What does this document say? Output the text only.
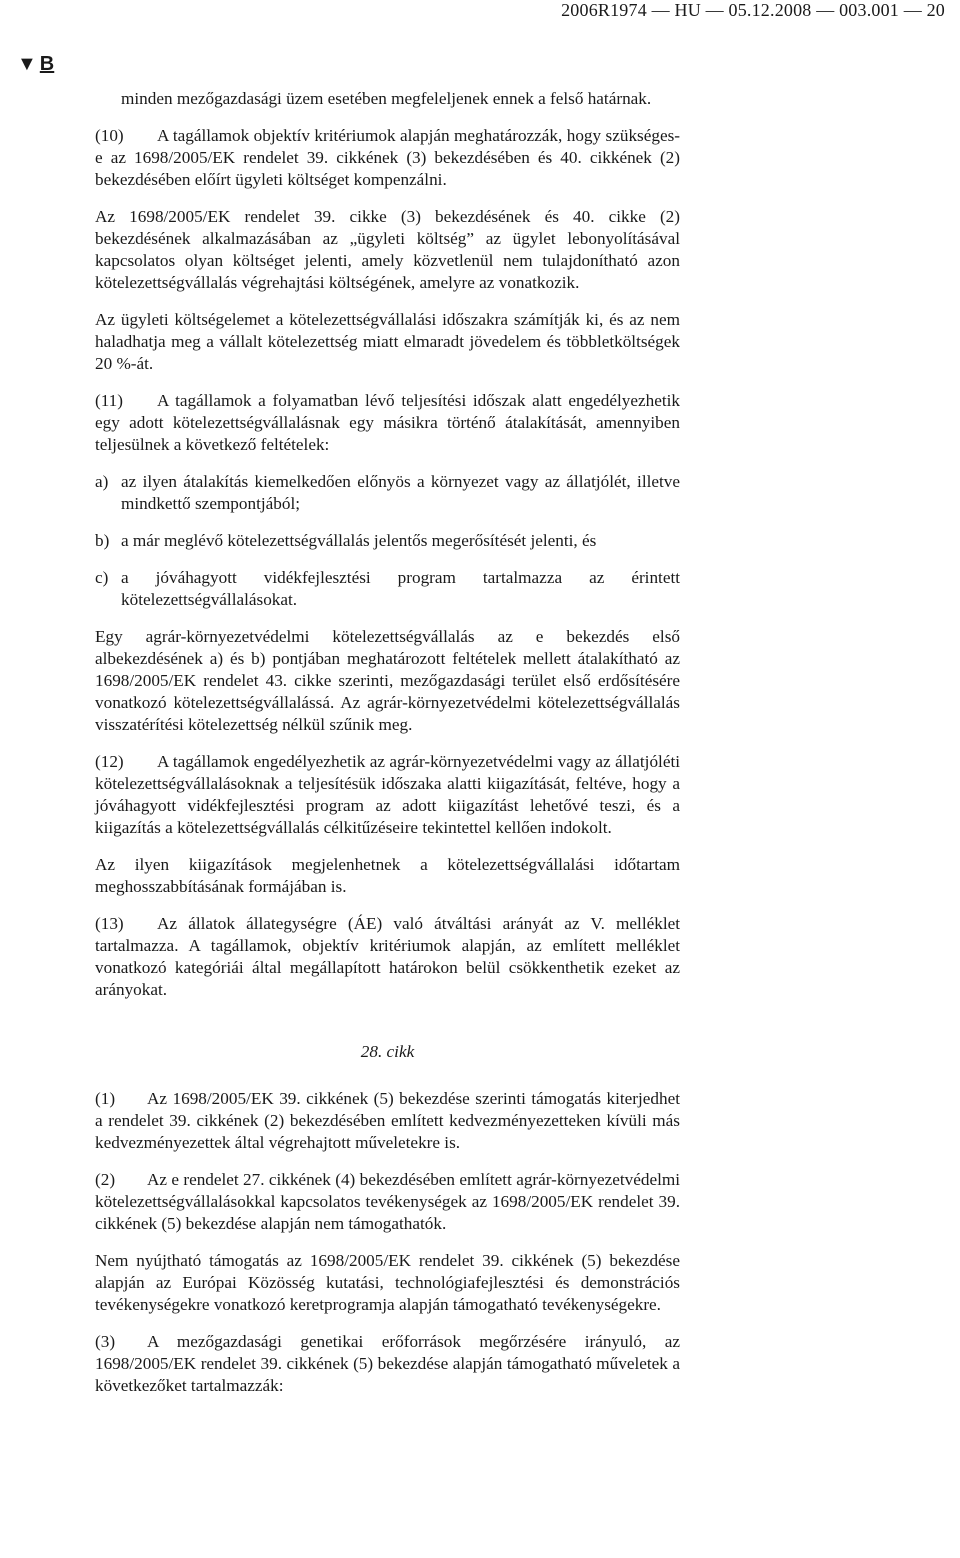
2006R1974 — HU — 05.12.2008 — 003.001 — 20
▼ B

minden mezőgazdasági üzem esetében megfeleljenek ennek a felső határnak.

(10) A tagállamok objektív kritériumok alapján meghatározzák, hogy szükséges-e az 1698/2005/EK rendelet 39. cikkének (3) bekezdésében és 40. cikkének (2) bekezdésében előírt ügyleti költséget kompenzálni.

Az 1698/2005/EK rendelet 39. cikke (3) bekezdésének és 40. cikke (2) bekezdésének alkalmazásában az „ügyleti költség” az ügylet lebonyolításával kapcsolatos olyan költséget jelenti, amely közvetlenül nem tulajdonítható azon kötelezettségvállalás végrehajtási költségének, amelyre az vonatkozik.

Az ügyleti költségelemet a kötelezettségvállalási időszakra számítják ki, és az nem haladhatja meg a vállalt kötelezettség miatt elmaradt jövedelem és többletköltségek 20 %-át.

(11) A tagállamok a folyamatban lévő teljesítési időszak alatt engedélyezhetik egy adott kötelezettségvállalásnak egy másikra történő átalakítását, amennyiben teljesülnek a következő feltételek:

a) az ilyen átalakítás kiemelkedően előnyös a környezet vagy az állatjólét, illetve mindkettő szempontjából;

b) a már meglévő kötelezettségvállalás jelentős megerősítését jelenti, és

c) a jóváhagyott vidékfejlesztési program tartalmazza az érintett kötelezettségvállalásokat.

Egy agrár-környezetvédelmi kötelezettségvállalás az e bekezdés első albekezdésének a) és b) pontjában meghatározott feltételek mellett átalakítható az 1698/2005/EK rendelet 43. cikke szerinti, mezőgazdasági terület első erdősítésére vonatkozó kötelezettségvállalássá. Az agrár-környezetvédelmi kötelezettségvállalás visszatérítési kötelezettség nélkül szűnik meg.

(12) A tagállamok engedélyezhetik az agrár-környezetvédelmi vagy az állatjóléti kötelezettségvállalásoknak a teljesítésük időszaka alatti kiigazítását, feltéve, hogy a jóváhagyott vidékfejlesztési program az adott kiigazítást lehetővé teszi, és a kiigazítás a kötelezettségvállalás célkitűzéseire tekintettel kellően indokolt.

Az ilyen kiigazítások megjelenhetnek a kötelezettségvállalási időtartam meghosszabbításának formájában is.

(13) Az állatok állategységre (ÁE) való átváltási arányát az V. melléklet tartalmazza. A tagállamok, objektív kritériumok alapján, az említett melléklet vonatkozó kategóriái által megállapított határokon belül csökkenthetik ezeket az arányokat.

28. cikk

(1) Az 1698/2005/EK 39. cikkének (5) bekezdése szerinti támogatás kiterjedhet a rendelet 39. cikkének (2) bekezdésében említett kedvezményezetteken kívüli más kedvezményezettek által végrehajtott műveletekre is.

(2) Az e rendelet 27. cikkének (4) bekezdésében említett agrár-környezetvédelmi kötelezettségvállalásokkal kapcsolatos tevékenységek az 1698/2005/EK rendelet 39. cikkének (5) bekezdése alapján nem támogathatók.

Nem nyújtható támogatás az 1698/2005/EK rendelet 39. cikkének (5) bekezdése alapján az Európai Közösség kutatási, technológiafejlesztési és demonstrációs tevékenységekre vonatkozó keretprogramja alapján támogatható tevékenységekre.

(3) A mezőgazdasági genetikai erőforrások megőrzésére irányuló, az 1698/2005/EK rendelet 39. cikkének (5) bekezdése alapján támogatható műveletek a következőket tartalmazzák:
